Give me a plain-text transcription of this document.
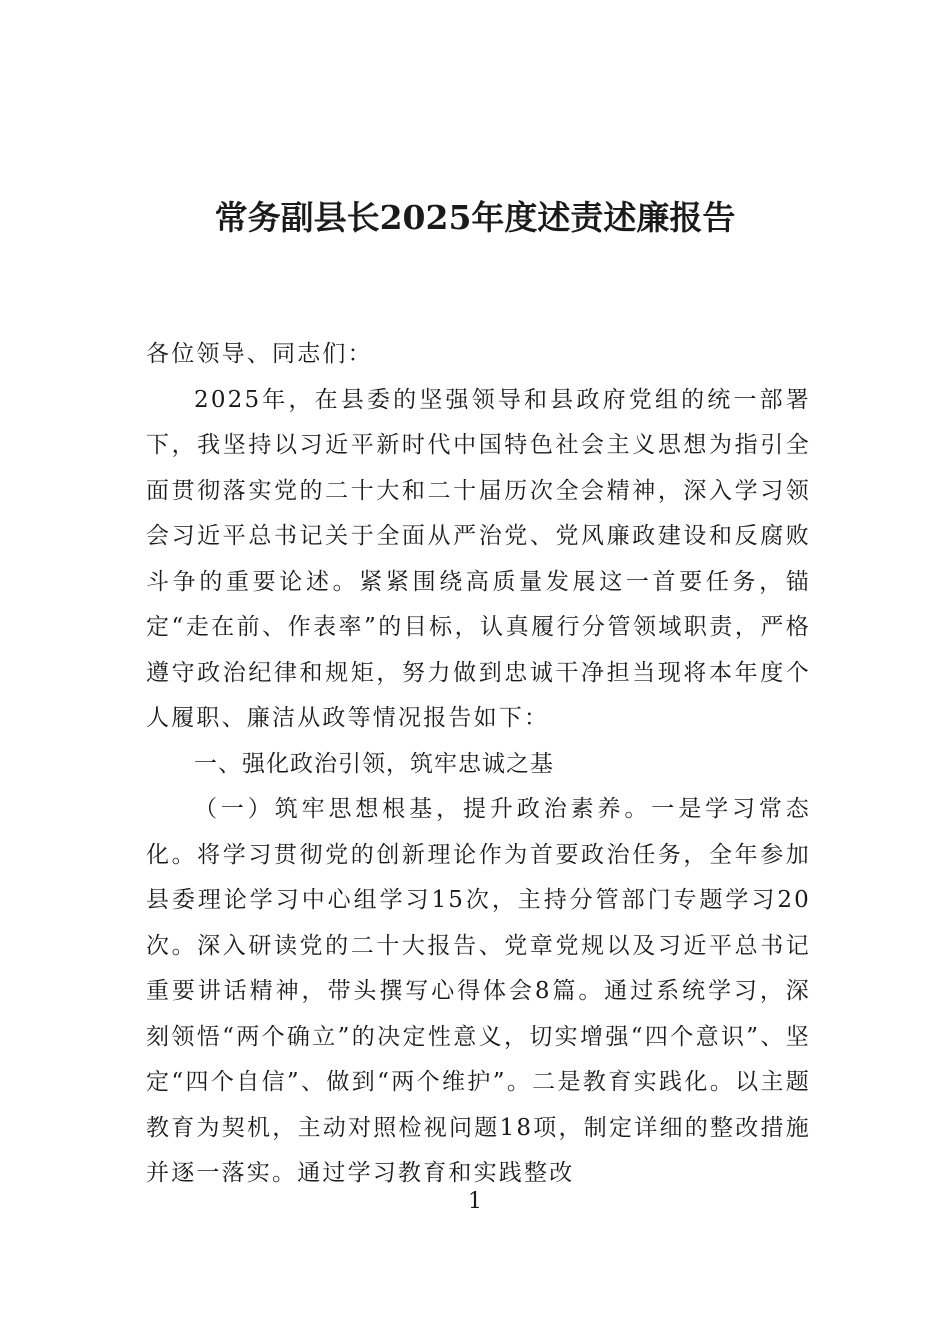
常务副县长2025年度述责述廉报告

各位领导、同志们：

2025年，在县委的坚强领导和县政府党组的统一部署下，我坚持以习近平新时代中国特色社会主义思想为指引全面贯彻落实党的二十大和二十届历次全会精神，深入学习领会习近平总书记关于全面从严治党、党风廉政建设和反腐败斗争的重要论述。紧紧围绕高质量发展这一首要任务，锚定“走在前、作表率”的目标，认真履行分管领域职责，严格遵守政治纪律和规矩，努力做到忠诚干净担当现将本年度个人履职、廉洁从政等情况报告如下：

一、强化政治引领，筑牢忠诚之基

（一）筑牢思想根基，提升政治素养。一是学习常态化。将学习贯彻党的创新理论作为首要政治任务，全年参加县委理论学习中心组学习15次，主持分管部门专题学习20次。深入研读党的二十大报告、党章党规以及习近平总书记重要讲话精神，带头撰写心得体会8篇。通过系统学习，深刻领悟“两个确立”的决定性意义，切实增强“四个意识”、坚定“四个自信”、做到“两个维护”。二是教育实践化。以主题教育为契机，主动对照检视问题18项，制定详细的整改措施并逐一落实。通过学习教育和实践整改

1
